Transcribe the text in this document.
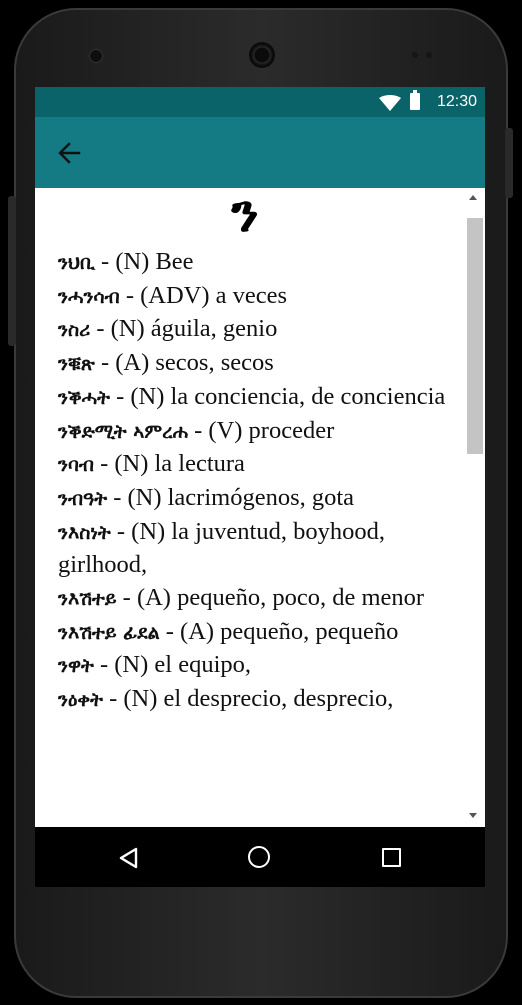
12:30
ን
ንህቢ - (N) Bee
ንሓንሳብ - (ADV) a veces
ንስሪ - (N) águila, genio
ንቑጽ - (A) secos, secos
ንቕሓት - (N) la conciencia, de conciencia
ንቕድሚት ኣምረሐ - (V) proceder
ንባብ - (N) la lectura
ንብዓት - (N) lacrimógenos, gota
ንእስነት - (N) la juventud, boyhood, girlhood,
ንእሽተይ - (A) pequeño, poco, de menor
ንእሽተይ ፊደል - (A) pequeño, pequeño
ንዋት - (N) el equipo,
ንዕቀት - (N) el desprecio, desprecio,
